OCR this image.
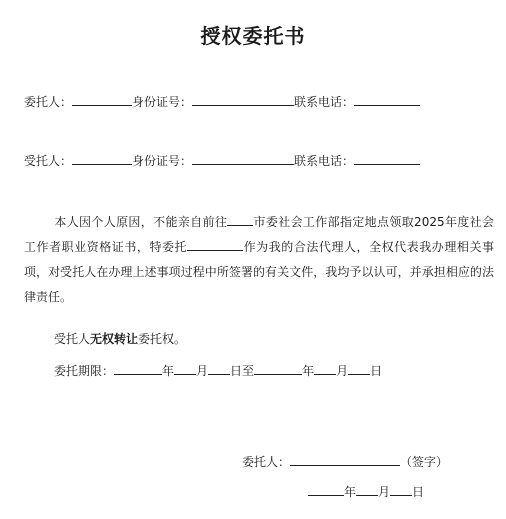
授权委托书
委托人：	身份证号：	联系电话：
受托人：	身份证号：	联系电话：
本人因个人原因，不能亲自前往 市委社会工作部指定地点领取2025年度社会工作者职业资格证书，特委托	作为我的合法代理人，全权代表我办理相关事项，对受托人在办理上述事项过程中所签署的有关文件，我均予以认可，并承担相应的法律责任。
受托人无权转让委托权。
委托期限：	年 月 日至	年 月 日
委托人：	（签字）
年 月 日
